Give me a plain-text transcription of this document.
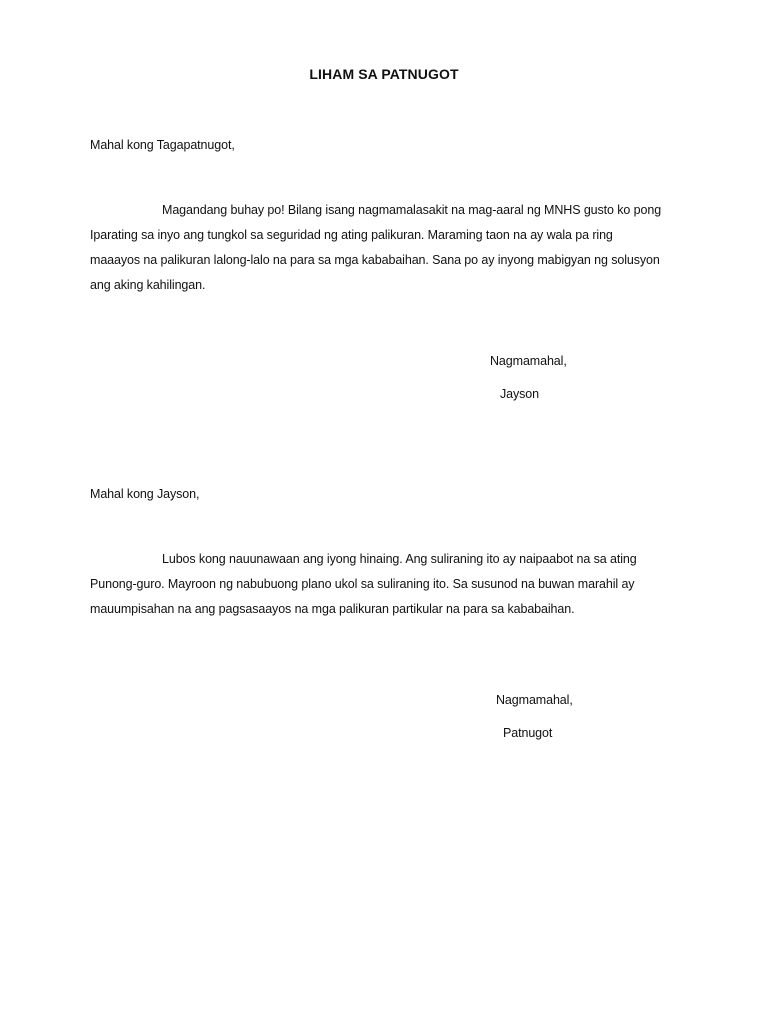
LIHAM SA PATNUGOT
Mahal kong Tagapatnugot,
Magandang buhay po! Bilang isang nagmamalasakit na mag-aaral ng MNHS gusto ko pong
Iparating sa inyo ang tungkol sa seguridad ng ating palikuran. Maraming taon na ay wala pa ring
maaayos na palikuran lalong-lalo na para sa mga kababaihan. Sana po ay inyong mabigyan ng solusyon
ang aking kahilingan.
Nagmamahal,
Jayson
Mahal kong Jayson,
Lubos kong nauunawaan ang iyong hinaing. Ang suliraning ito ay naipaabot na sa ating
Punong-guro. Mayroon ng nabubuong plano ukol sa suliraning ito. Sa susunod na buwan marahil ay
mauumpisahan na ang pagsasaayos na mga palikuran partikular na para sa kababaihan.
Nagmamahal,
Patnugot
